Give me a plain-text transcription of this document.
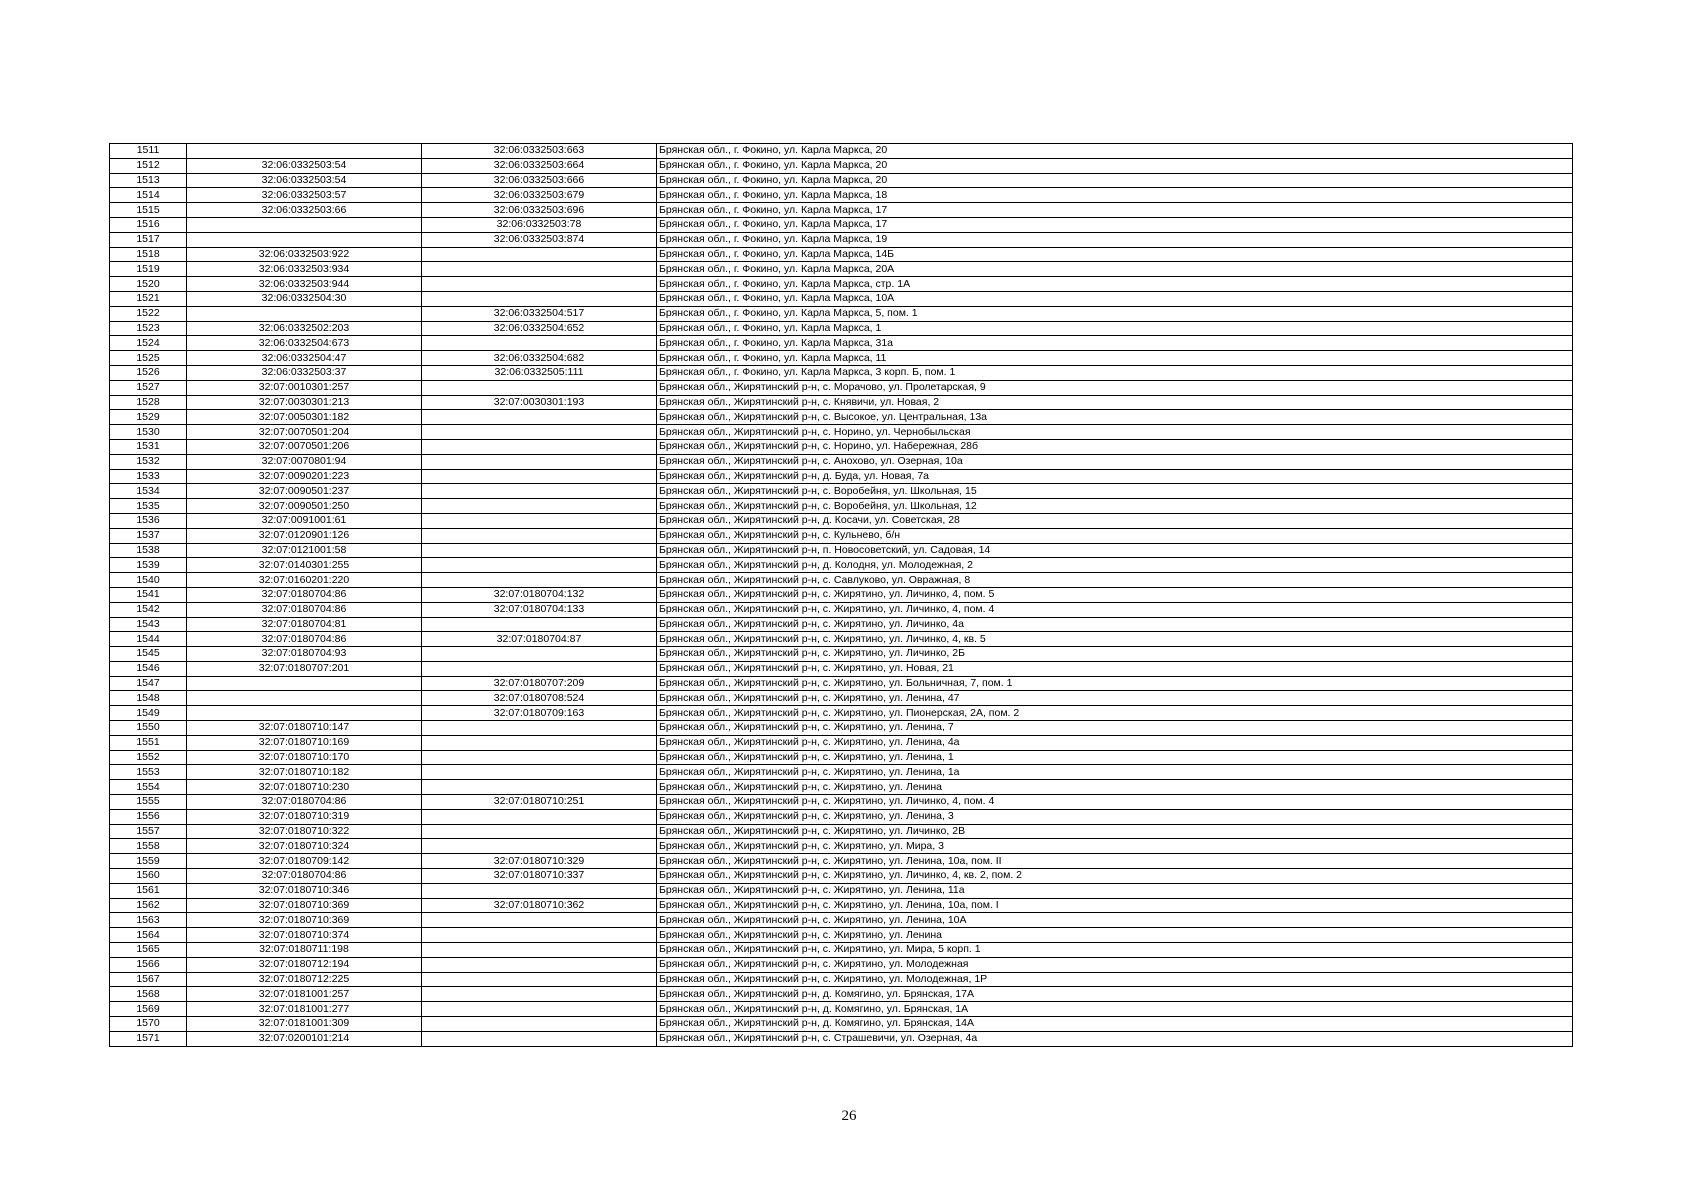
1511		32:06:0332503:663	Брянская обл., г. Фокино, ул. Карла Маркса, 20
1512	32:06:0332503:54	32:06:0332503:664	Брянская обл., г. Фокино, ул. Карла Маркса, 20
1513	32:06:0332503:54	32:06:0332503:666	Брянская обл., г. Фокино, ул. Карла Маркса, 20
1514	32:06:0332503:57	32:06:0332503:679	Брянская обл., г. Фокино, ул. Карла Маркса, 18
1515	32:06:0332503:66	32:06:0332503:696	Брянская обл., г. Фокино, ул. Карла Маркса, 17
1516		32:06:0332503:78	Брянская обл., г. Фокино, ул. Карла Маркса, 17
1517		32:06:0332503:874	Брянская обл., г. Фокино, ул. Карла Маркса, 19
1518	32:06:0332503:922		Брянская обл., г. Фокино, ул. Карла Маркса, 14Б
1519	32:06:0332503:934		Брянская обл., г. Фокино, ул. Карла Маркса, 20А
1520	32:06:0332503:944		Брянская обл., г. Фокино, ул. Карла Маркса, стр. 1А
1521	32:06:0332504:30		Брянская обл., г. Фокино, ул. Карла Маркса, 10А
1522		32:06:0332504:517	Брянская обл., г. Фокино, ул. Карла Маркса, 5, пом. 1
1523	32:06:0332502:203	32:06:0332504:652	Брянская обл., г. Фокино, ул. Карла Маркса, 1
1524	32:06:0332504:673		Брянская обл., г. Фокино, ул. Карла Маркса, 31а
1525	32:06:0332504:47	32:06:0332504:682	Брянская обл., г. Фокино, ул. Карла Маркса, 11
1526	32:06:0332503:37	32:06:0332505:111	Брянская обл., г. Фокино, ул. Карла Маркса, 3 корп. Б, пом. 1
1527	32:07:0010301:257		Брянская обл., Жирятинский р-н, с. Морачово, ул. Пролетарская, 9
1528	32:07:0030301:213	32:07:0030301:193	Брянская обл., Жирятинский р-н, с. Княвичи, ул. Новая, 2
1529	32:07:0050301:182		Брянская обл., Жирятинский р-н, с. Высокое, ул. Центральная, 13а
1530	32:07:0070501:204		Брянская обл., Жирятинский р-н, с. Норино, ул. Чернобыльская
1531	32:07:0070501:206		Брянская обл., Жирятинский р-н, с. Норино, ул. Набережная, 28б
1532	32:07:0070801:94		Брянская обл., Жирятинский р-н, с. Анохово, ул. Озерная, 10а
1533	32:07:0090201:223		Брянская обл., Жирятинский р-н, д. Буда, ул. Новая, 7а
1534	32:07:0090501:237		Брянская обл., Жирятинский р-н, с. Воробейня, ул. Школьная, 15
1535	32:07:0090501:250		Брянская обл., Жирятинский р-н, с. Воробейня, ул. Школьная, 12
1536	32:07:0091001:61		Брянская обл., Жирятинский р-н, д. Косачи, ул. Советская, 28
1537	32:07:0120901:126		Брянская обл., Жирятинский р-н, с. Кульнево, б/н
1538	32:07:0121001:58		Брянская обл., Жирятинский р-н, п. Новосоветский, ул. Садовая, 14
1539	32:07:0140301:255		Брянская обл., Жирятинский р-н, д. Колодня, ул. Молодежная, 2
1540	32:07:0160201:220		Брянская обл., Жирятинский р-н, с. Савлуково, ул. Овражная, 8
1541	32:07:0180704:86	32:07:0180704:132	Брянская обл., Жирятинский р-н, с. Жирятино, ул. Личинко, 4, пом. 5
1542	32:07:0180704:86	32:07:0180704:133	Брянская обл., Жирятинский р-н, с. Жирятино, ул. Личинко, 4, пом. 4
1543	32:07:0180704:81		Брянская обл., Жирятинский р-н, с. Жирятино, ул. Личинко, 4а
1544	32:07:0180704:86	32:07:0180704:87	Брянская обл., Жирятинский р-н, с. Жирятино, ул. Личинко, 4, кв. 5
1545	32:07:0180704:93		Брянская обл., Жирятинский р-н, с. Жирятино, ул. Личинко, 2Б
1546	32:07:0180707:201		Брянская обл., Жирятинский р-н, с. Жирятино, ул. Новая, 21
1547		32:07:0180707:209	Брянская обл., Жирятинский р-н, с. Жирятино, ул. Больничная, 7, пом. 1
1548		32:07:0180708:524	Брянская обл., Жирятинский р-н, с. Жирятино, ул. Ленина, 47
1549		32:07:0180709:163	Брянская обл., Жирятинский р-н, с. Жирятино, ул. Пионерская, 2А, пом. 2
1550	32:07:0180710:147		Брянская обл., Жирятинский р-н, с. Жирятино, ул. Ленина, 7
1551	32:07:0180710:169		Брянская обл., Жирятинский р-н, с. Жирятино, ул. Ленина, 4а
1552	32:07:0180710:170		Брянская обл., Жирятинский р-н, с. Жирятино, ул. Ленина, 1
1553	32:07:0180710:182		Брянская обл., Жирятинский р-н, с. Жирятино, ул. Ленина, 1а
1554	32:07:0180710:230		Брянская обл., Жирятинский р-н, с. Жирятино, ул. Ленина
1555	32:07:0180704:86	32:07:0180710:251	Брянская обл., Жирятинский р-н, с. Жирятино, ул. Личинко, 4, пом. 4
1556	32:07:0180710:319		Брянская обл., Жирятинский р-н, с. Жирятино, ул. Ленина, 3
1557	32:07:0180710:322		Брянская обл., Жирятинский р-н, с. Жирятино, ул. Личинко, 2В
1558	32:07:0180710:324		Брянская обл., Жирятинский р-н, с. Жирятино, ул. Мира, 3
1559	32:07:0180709:142	32:07:0180710:329	Брянская обл., Жирятинский р-н, с. Жирятино, ул. Ленина, 10а, пом. II
1560	32:07:0180704:86	32:07:0180710:337	Брянская обл., Жирятинский р-н, с. Жирятино, ул. Личинко, 4, кв. 2, пом. 2
1561	32:07:0180710:346		Брянская обл., Жирятинский р-н, с. Жирятино, ул. Ленина, 11а
1562	32:07:0180710:369	32:07:0180710:362	Брянская обл., Жирятинский р-н, с. Жирятино, ул. Ленина, 10а, пом. I
1563	32:07:0180710:369		Брянская обл., Жирятинский р-н, с. Жирятино, ул. Ленина, 10А
1564	32:07:0180710:374		Брянская обл., Жирятинский р-н, с. Жирятино, ул. Ленина
1565	32:07:0180711:198		Брянская обл., Жирятинский р-н, с. Жирятино, ул. Мира, 5 корп. 1
1566	32:07:0180712:194		Брянская обл., Жирятинский р-н, с. Жирятино, ул. Молодежная
1567	32:07:0180712:225		Брянская обл., Жирятинский р-н, с. Жирятино, ул. Молодежная, 1Р
1568	32:07:0181001:257		Брянская обл., Жирятинский р-н, д. Комягино, ул. Брянская, 17А
1569	32:07:0181001:277		Брянская обл., Жирятинский р-н, д. Комягино, ул. Брянская, 1А
1570	32:07:0181001:309		Брянская обл., Жирятинский р-н, д. Комягино, ул. Брянская, 14А
1571	32:07:0200101:214		Брянская обл., Жирятинский р-н, с. Страшевичи, ул. Озерная, 4а
26
